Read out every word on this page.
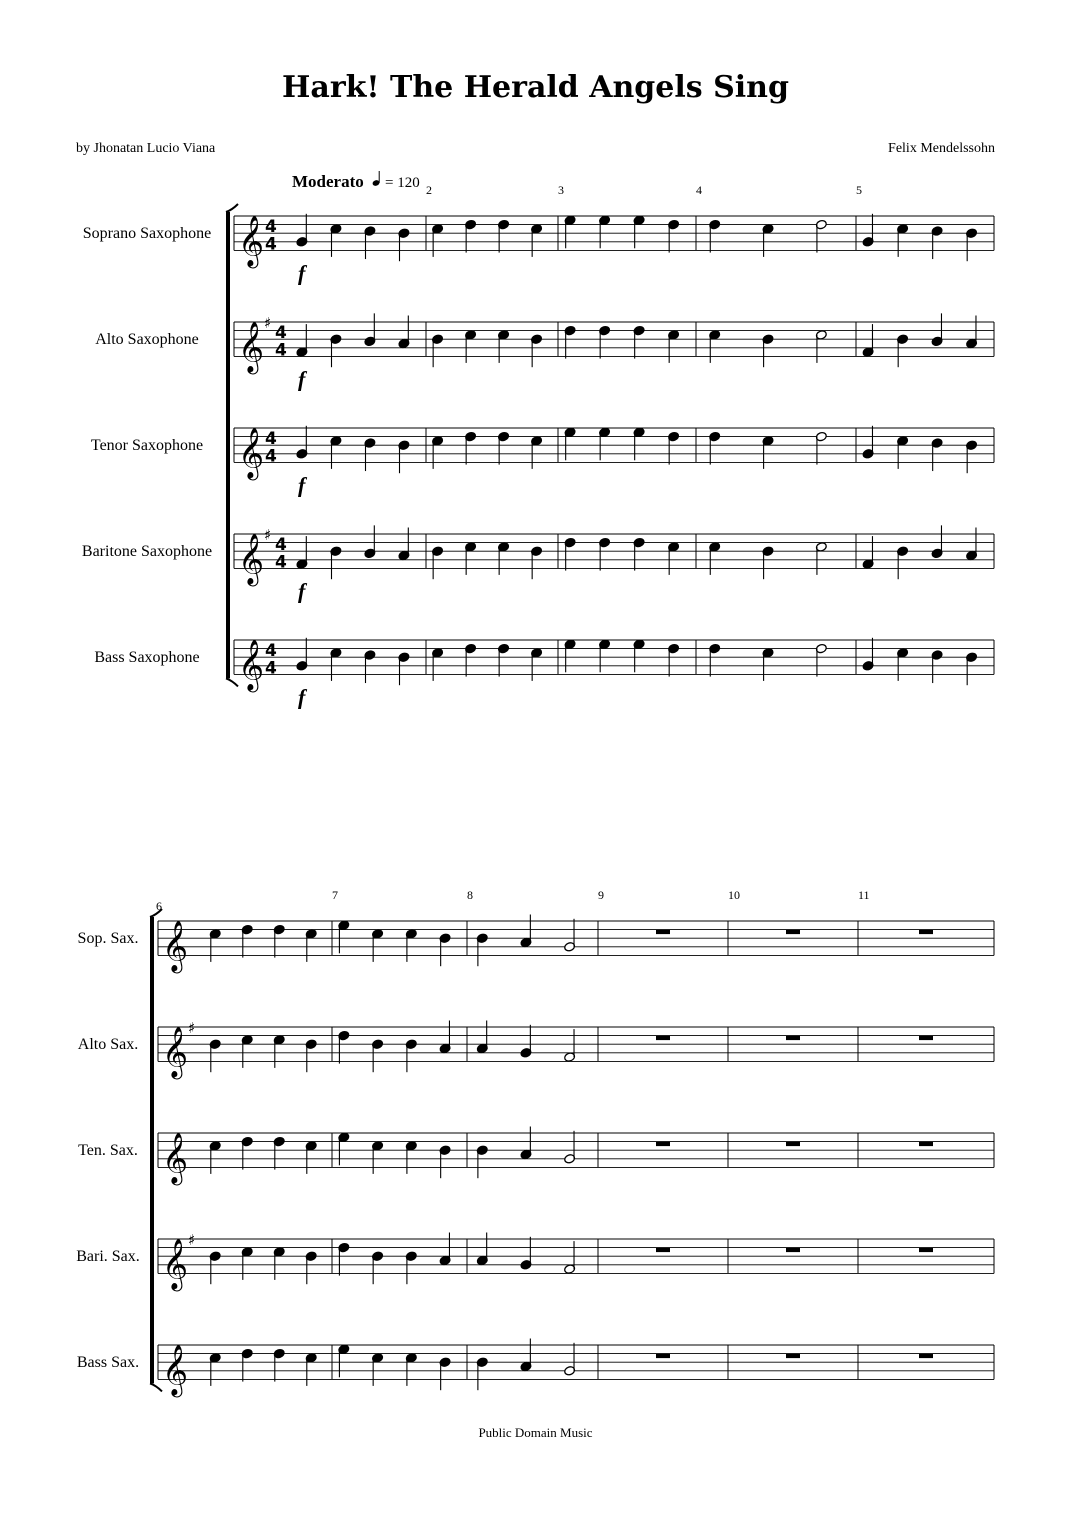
Hark! The Herald Angels Sing
by Jhonatan Lucio Viana	Felix Mendelssohn
Moderato = 120
Soprano Saxophone 𝄞 4
4
f
Alto Saxophone 𝄞 ♯
4
4
f
Tenor Saxophone 𝄞 4
4
f
Baritone Saxophone 𝄞 ♯
4
4
f
Bass Saxophone 𝄞 4
4
f
2	3	4	5
Sop. Sax. 𝄞
Alto Sax. 𝄞 ♯
Ten. Sax. 𝄞
Bari. Sax. 𝄞 ♯
Bass Sax. 𝄞
7	8	9	10	11
6
Public Domain Music
